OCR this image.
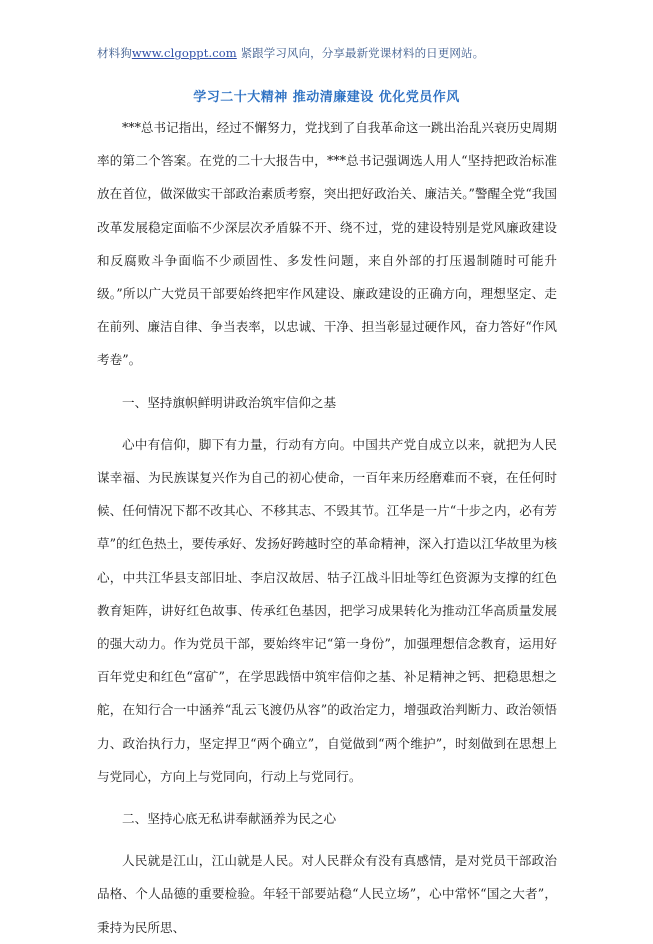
材料狗www.clgoppt.com 紧跟学习风向，分享最新党课材料的日更网站。
学习二十大精神 推动清廉建设 优化党员作风

***总书记指出，经过不懈努力，党找到了自我革命这一跳出治乱兴衰历史周期率的第二个答案。在党的二十大报告中，***总书记强调选人用人“坚持把政治标准放在首位，做深做实干部政治素质考察，突出把好政治关、廉洁关。”警醒全党“我国改革发展稳定面临不少深层次矛盾躲不开、绕不过，党的建设特别是党风廉政建设和反腐败斗争面临不少顽固性、多发性问题，来自外部的打压遏制随时可能升级。”所以广大党员干部要始终把牢作风建设、廉政建设的正确方向，理想坚定、走在前列、廉洁自律、争当表率，以忠诚、干净、担当彰显过硬作风，奋力答好“作风考卷”。

一、坚持旗帜鲜明讲政治筑牢信仰之基

心中有信仰，脚下有力量，行动有方向。中国共产党自成立以来，就把为人民谋幸福、为民族谋复兴作为自己的初心使命，一百年来历经磨难而不衰，在任何时候、任何情况下都不改其心、不移其志、不毁其节。江华是一片“十步之内，必有芳草”的红色热土，要传承好、发扬好跨越时空的革命精神，深入打造以江华故里为核心，中共江华县支部旧址、李启汉故居、牯子江战斗旧址等红色资源为支撑的红色教育矩阵，讲好红色故事、传承红色基因，把学习成果转化为推动江华高质量发展的强大动力。作为党员干部，要始终牢记“第一身份”，加强理想信念教育，运用好百年党史和红色“富矿”，在学思践悟中筑牢信仰之基、补足精神之钙、把稳思想之舵，在知行合一中涵养“乱云飞渡仍从容”的政治定力，增强政治判断力、政治领悟力、政治执行力，坚定捍卫“两个确立”，自觉做到“两个维护”，时刻做到在思想上与党同心，方向上与党同向，行动上与党同行。

二、坚持心底无私讲奉献涵养为民之心

人民就是江山，江山就是人民。对人民群众有没有真感情，是对党员干部政治品格、个人品德的重要检验。年轻干部要站稳“人民立场”，心中常怀“国之大者”，秉持为民所思、
